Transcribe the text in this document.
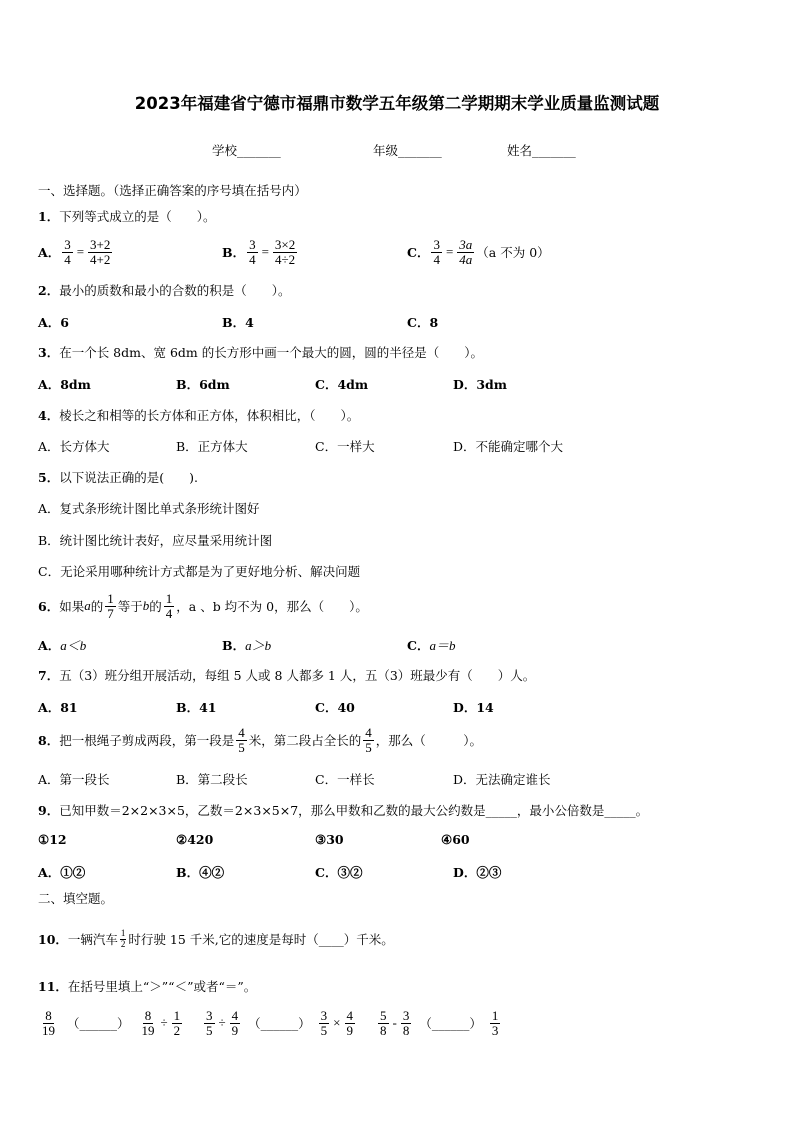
2023年福建省宁德市福鼎市数学五年级第二学期期末学业质量监测试题
学校_______	年级_______	姓名_______
一、选择题。（选择正确答案的序号填在括号内）
1．下列等式成立的是（　　）。
A． $\frac{3}{4} = \frac{3+2}{4+2}$	B． $\frac{3}{4} = \frac{3\times 2}{4\div 2}$	C． $\frac{3}{4} = \frac{3a}{4a} (a$ 不为 0）
2．最小的质数和最小的合数的积是（　　）。
A．6	B．4	C．8
3．在一个长 8dm、宽 6dm 的长方形中画一个最大的圆，圆的半径是（　　）。
A．8dm	B．6dm	C．4dm	D．3dm
4．棱长之和相等的长方体和正方体，体积相比，（　　）。
A．长方体大	B．正方体大	C．一样大	D．不能确定哪个大
5．以下说法正确的是(　　).
A．复式条形统计图比单式条形统计图好
B．统计图比统计表好，应尽量采用统计图
C．无论采用哪种统计方式都是为了更好地分析、解决问题
6． 如果 a 的 $\frac{1}{7}$ 等于 b 的 $\frac{1}{4}$ ，a 、b 均不为 0，那么（　　）。
A．a＜b	B．a＞b	C．a＝b
7．五（3）班分组开展活动，每组 5 人或 8 人都多 1 人，五（3）班最少有（　　）人。
A．81	B．41	C．40	D．14
8． 把一根绳子剪成两段，第一段是 $\frac{4}{5}$ 米，第二段占全长的 $\frac{4}{5}$ ，那么（　　　）。
A．第一段长	B．第二段长	C．一样长	D．无法确定谁长
9．已知甲数＝2×2×3×5，乙数＝2×3×5×7，那么甲数和乙数的最大公约数是_____，最小公倍数是_____。
①12	②420	③30	④60
A．①②	B．④②	C．③②	D．②③
二、填空题。
10． 一辆汽车 $\frac{1}{2}$ 时行驶 15 千米,它的速度是每时（____）千米。
11．在括号里填上“＞”“＜”或者“＝”。
$\frac{8}{19}$ （______） $\frac{8}{19} \div \frac{1}{2} \frac{3}{5} \div \frac{4}{9}$ （______） $\frac{3}{5} \times \frac{4}{9} \frac{5}{8} - \frac{3}{8}$ （______） $\frac{1}{3}$
